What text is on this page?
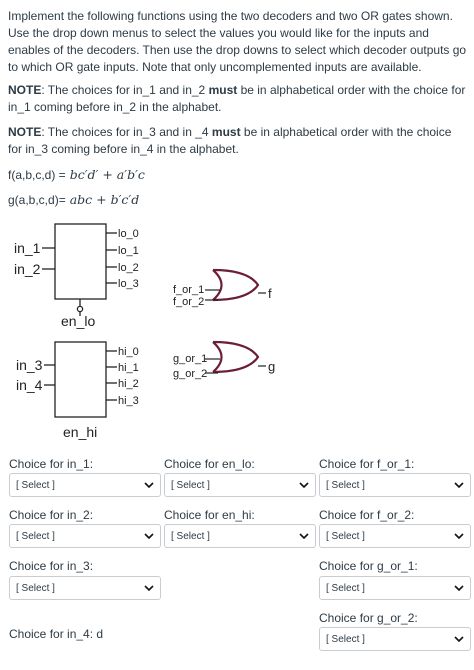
Implement the following functions using the two decoders and two OR gates shown. Use the drop down menus to select the values you would like for the inputs and enables of the decoders. Then use the drop downs to select which decoder outputs go to which OR gate inputs. Note that only uncomplemented inputs are available.
NOTE: The choices for in_1 and in_2 must be in alphabetical order with the choice for in_1 coming before in_2 in the alphabet.
NOTE: The choices for in_3 and in _4 must be in alphabetical order with the choice for in_3 coming before in_4 in the alphabet.
f(a,b,c,d) = bc′d′ + a′b′c
g(a,b,c,d)= abc + b′c′d
in_1
in_2
in_3
in_4
lo_0
lo_1
lo_2
lo_3
hi_0
hi_1
hi_2
hi_3
en_lo
en_hi
f_or_1
f_or_2
g_or_1
g_or_2
f
g
Choice for in_1:
[ Select ]
Choice for in_2:
[ Select ]
Choice for in_3:
[ Select ]
Choice for in_4: d
Choice for en_lo:
[ Select ]
Choice for en_hi:
[ Select ]
Choice for f_or_1:
[ Select ]
Choice for f_or_2:
[ Select ]
Choice for g_or_1:
[ Select ]
Choice for g_or_2:
[ Select ]
